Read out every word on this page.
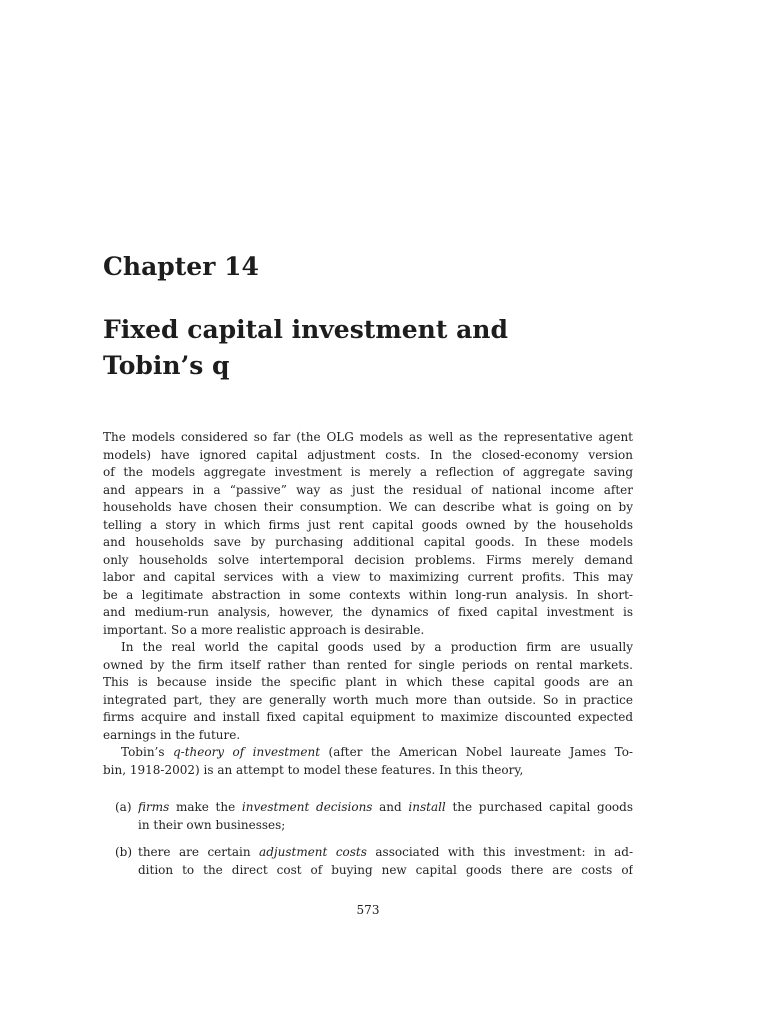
Chapter 14
Fixed capital investment and
Tobin’s q
The models considered so far (the OLG models as well as the representative agent
models) have ignored capital adjustment costs. In the closed-economy version
of the models aggregate investment is merely a reflection of aggregate saving
and appears in a “passive” way as just the residual of national income after
households have chosen their consumption. We can describe what is going on by
telling a story in which firms just rent capital goods owned by the households
and households save by purchasing additional capital goods. In these models
only households solve intertemporal decision problems. Firms merely demand
labor and capital services with a view to maximizing current profits. This may
be a legitimate abstraction in some contexts within long-run analysis. In short-
and medium-run analysis, however, the dynamics of fixed capital investment is
important. So a more realistic approach is desirable.
In the real world the capital goods used by a production firm are usually
owned by the firm itself rather than rented for single periods on rental markets.
This is because inside the specific plant in which these capital goods are an
integrated part, they are generally worth much more than outside. So in practice
firms acquire and install fixed capital equipment to maximize discounted expected
earnings in the future.
Tobin’s q-theory of investment (after the American Nobel laureate James To-
bin, 1918-2002) is an attempt to model these features. In this theory,
(a) firms make the investment decisions and install the purchased capital goods
in their own businesses;
(b) there are certain adjustment costs associated with this investment: in ad-
dition to the direct cost of buying new capital goods there are costs of
573
